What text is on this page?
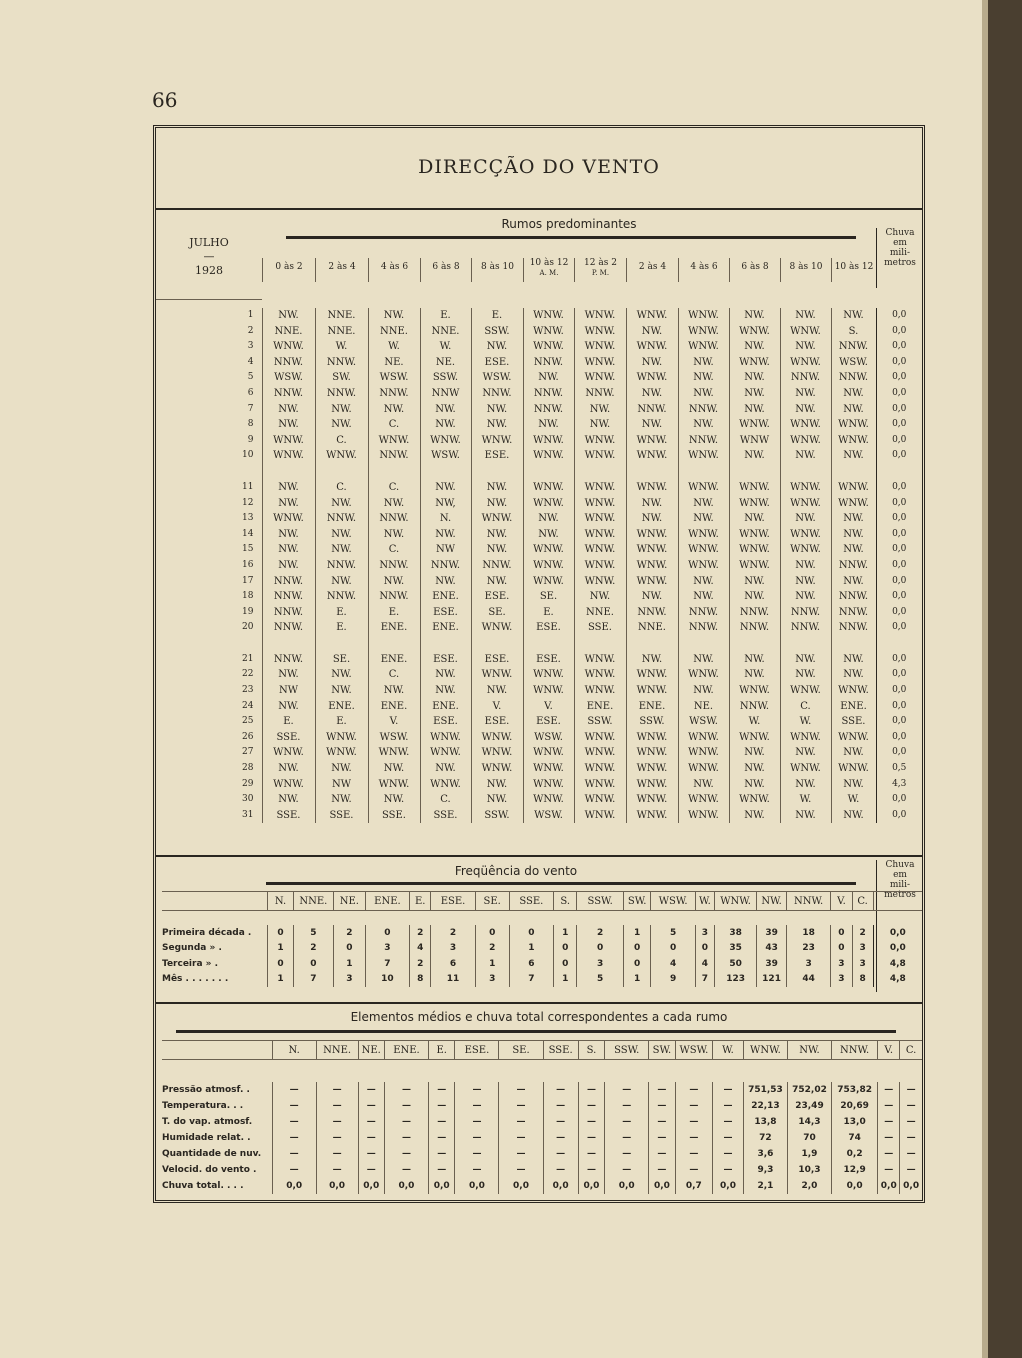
66
DIRECÇÃO DO VENTO
JULHO
—
1928
Rumos predominantes
Chuva
em
mili-
metros
0 às 2	2 às 4	4 às 6	6 às 8	8 às 10	10 às 12
A. M.
12 às 2
P. M.
2 às 4	4 às 6	6 às 8	8 às 10	10 às 12
1	NW.	NNE.	NW.	E.	E.	WNW.	WNW.	WNW.	WNW.	NW.	NW.	NW.	0,0
2	NNE.	NNE.	NNE.	NNE.	SSW.	WNW.	WNW.	NW.	WNW.	WNW.	WNW.	S.	0,0
3	WNW.	W.	W.	W.	NW.	WNW.	WNW.	WNW.	WNW.	NW.	NW.	NNW.	0,0
4	NNW.	NNW.	NE.	NE.	ESE.	NNW.	WNW.	NW.	NW.	WNW.	WNW.	WSW.	0,0
5	WSW.	SW.	WSW.	SSW.	WSW.	NW.	WNW.	WNW.	NW.	NW.	NNW.	NNW.	0,0
6	NNW.	NNW.	NNW.	NNW	NNW.	NNW.	NNW.	NW.	NW.	NW.	NW.	NW.	0,0
7	NW.	NW.	NW.	NW.	NW.	NNW.	NW.	NNW.	NNW.	NW.	NW.	NW.	0,0
8	NW.	NW.	C.	NW.	NW.	NW.	NW.	NW.	NW.	WNW.	WNW.	WNW.	0,0
9	WNW.	C.	WNW.	WNW.	WNW.	WNW.	WNW.	WNW.	NNW.	WNW	WNW.	WNW.	0,0
10	WNW.	WNW.	NNW.	WSW.	ESE.	WNW.	WNW.	WNW.	WNW.	NW.	NW.	NW.	0,0

11	NW.	C.	C.	NW.	NW.	WNW.	WNW.	WNW.	WNW.	WNW.	WNW.	WNW.	0,0
12	NW.	NW.	NW.	NW,	NW.	WNW.	WNW.	NW.	NW.	WNW.	WNW.	WNW.	0,0
13	WNW.	NNW.	NNW.	N.	WNW.	NW.	WNW.	NW.	NW.	NW.	NW.	NW.	0,0
14	NW.	NW.	NW.	NW.	NW.	NW.	WNW.	WNW.	WNW.	WNW.	WNW.	NW.	0,0
15	NW.	NW.	C.	NW	NW.	WNW.	WNW.	WNW.	WNW.	WNW.	WNW.	NW.	0,0
16	NW.	NNW.	NNW.	NNW.	NNW.	WNW.	WNW.	WNW.	WNW.	WNW.	NW.	NNW.	0,0
17	NNW.	NW.	NW.	NW.	NW.	WNW.	WNW.	WNW.	NW.	NW.	NW.	NW.	0,0
18	NNW.	NNW.	NNW.	ENE.	ESE.	SE.	NW.	NW.	NW.	NW.	NW.	NNW.	0,0
19	NNW.	E.	E.	ESE.	SE.	E.	NNE.	NNW.	NNW.	NNW.	NNW.	NNW.	0,0
20	NNW.	E.	ENE.	ENE.	WNW.	ESE.	SSE.	NNE.	NNW.	NNW.	NNW.	NNW.	0,0

21	NNW.	SE.	ENE.	ESE.	ESE.	ESE.	WNW.	NW.	NW.	NW.	NW.	NW.	0,0
22	NW.	NW.	C.	NW.	WNW.	WNW.	WNW.	WNW.	WNW.	NW.	NW.	NW.	0,0
23	NW	NW.	NW.	NW.	NW.	WNW.	WNW.	WNW.	NW.	WNW.	WNW.	WNW.	0,0
24	NW.	ENE.	ENE.	ENE.	V.	V.	ENE.	ENE.	NE.	NNW.	C.	ENE.	0,0
25	E.	E.	V.	ESE.	ESE.	ESE.	SSW.	SSW.	WSW.	W.	W.	SSE.	0,0
26	SSE.	WNW.	WSW.	WNW.	WNW.	WSW.	WNW.	WNW.	WNW.	WNW.	WNW.	WNW.	0,0
27	WNW.	WNW.	WNW.	WNW.	WNW.	WNW.	WNW.	WNW.	WNW.	NW.	NW.	NW.	0,0
28	NW.	NW.	NW.	NW.	WNW.	WNW.	WNW.	WNW.	WNW.	NW.	WNW.	WNW.	0,5
29	WNW.	NW	WNW.	WNW.	NW.	WNW.	WNW.	WNW.	NW.	NW.	NW.	NW.	4,3
30	NW.	NW.	NW.	C.	NW.	WNW.	WNW.	WNW.	WNW.	WNW.	W.	W.	0,0
31	SSE.	SSE.	SSE.	SSE.	SSW.	WSW.	WNW.	WNW.	WNW.	NW.	NW.	NW.	0,0
Freqüência do vento	Chuva
em
mili-
metros
	N.	NNE.	NE.	ENE.	E.	ESE.	SE.	SSE.	S.	SSW.	SW.	WSW.	W.	WNW.	NW.	NNW.	V.	C.	

Primeira década .	0	5	2	0	2	2	0	0	1	2	1	5	3	38	39	18	0	2	0,0
Segunda » .	1	2	0	3	4	3	2	1	0	0	0	0	0	35	43	23	0	3	0,0
Terceira » .	0	0	1	7	2	6	1	6	0	3	0	4	4	50	39	3	3	3	4,8
Mês . . . . . . .	1	7	3	10	8	11	3	7	1	5	1	9	7	123	121	44	3	8	4,8
Elementos médios e chuva total correspondentes a cada rumo
	N.	NNE.	NE.	ENE.	E.	ESE.	SE.	SSE.	S.	SSW.	SW.	WSW.	W.	WNW.	NW.	NNW.	V.	C.

Pressão atmosf. .	—	—	—	—	—	—	—	—	—	—	—	—	—	751,53	752,02	753,82	—	—
Temperatura. . .	—	—	—	—	—	—	—	—	—	—	—	—	—	22,13	23,49	20,69	—	—
T. do vap. atmosf.	—	—	—	—	—	—	—	—	—	—	—	—	—	13,8	14,3	13,0	—	—
Humidade relat. .	—	—	—	—	—	—	—	—	—	—	—	—	—	72	70	74	—	—
Quantidade de nuv.	—	—	—	—	—	—	—	—	—	—	—	—	—	3,6	1,9	0,2	—	—
Velocid. do vento .	—	—	—	—	—	—	—	—	—	—	—	—	—	9,3	10,3	12,9	—	—
Chuva total. . . .	0,0	0,0	0,0	0,0	0,0	0,0	0,0	0,0	0,0	0,0	0,0	0,7	0,0	2,1	2,0	0,0	0,0	0,0
